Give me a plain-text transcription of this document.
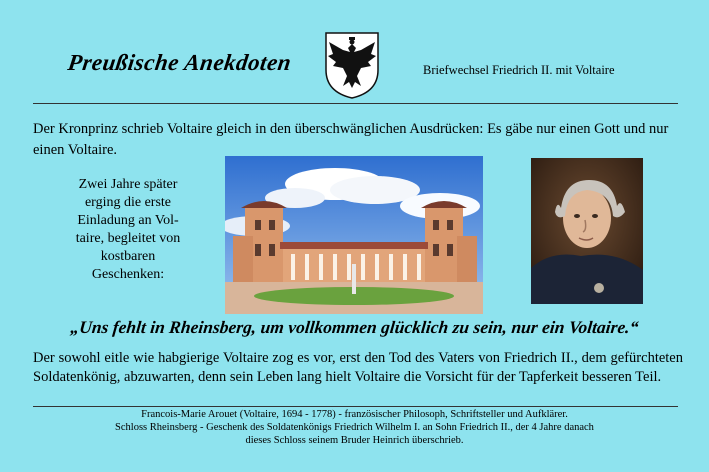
Preußische Anekdoten	Briefwechsel Friedrich II. mit Voltaire
Der Kronprinz schrieb Voltaire gleich in den überschwänglichen Ausdrücken: Es gäbe nur einen Gott und nur einen Voltaire.
Zwei Jahre später
erging die erste
Einladung an Vol-
taire, begleitet von
kostbaren
Geschenken:
„Uns fehlt in Rheinsberg, um vollkommen glücklich zu sein, nur ein Voltaire.“
Der sowohl eitle wie habgierige Voltaire zog es vor, erst den Tod des Vaters von Friedrich II., dem gefürchteten Soldatenkönig, abzuwarten, denn sein Leben lang hielt Voltaire die Vorsicht für der Tapferkeit besseren Teil.
Francois-Marie Arouet (Voltaire, 1694 - 1778) - französischer Philosoph, Schriftsteller und Aufklärer.
Schloss Rheinsberg - Geschenk des Soldatenkönigs Friedrich Wilhelm I. an Sohn Friedrich II., der 4 Jahre danach
dieses Schloss seinem Bruder Heinrich überschrieb.
